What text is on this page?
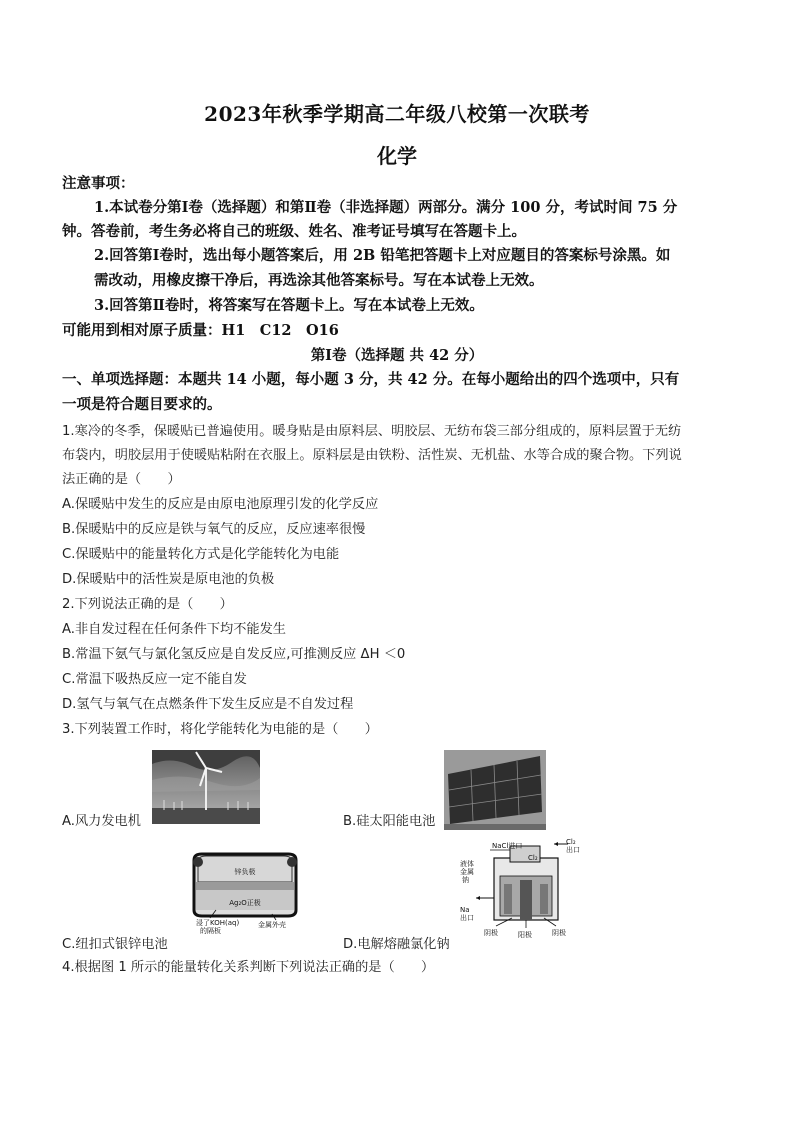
2023年秋季学期高二年级八校第一次联考
化学
注意事项：
1.本试卷分第Ⅰ卷（选择题）和第Ⅱ卷（非选择题）两部分。满分 100 分，考试时间 75 分
钟。答卷前，考生务必将自己的班级、姓名、准考证号填写在答题卡上。
2.回答第Ⅰ卷时，选出每小题答案后，用 2B 铅笔把答题卡上对应题目的答案标号涂黑。如
需改动，用橡皮擦干净后，再选涂其他答案标号。写在本试卷上无效。
3.回答第Ⅱ卷时，将答案写在答题卡上。写在本试卷上无效。
可能用到相对原子质量：H1　C12　O16
第Ⅰ卷（选择题 共 42 分）
一、单项选择题：本题共 14 小题，每小题 3 分，共 42 分。在每小题给出的四个选项中，只有
一项是符合题目要求的。
1.寒冷的冬季，保暖贴已普遍使用。暖身贴是由原料层、明胶层、无纺布袋三部分组成的，原料层置于无纺
布袋内，明胶层用于使暖贴粘附在衣服上。原料层是由铁粉、活性炭、无机盐、水等合成的聚合物。下列说
法正确的是（　　）
A.保暖贴中发生的反应是由原电池原理引发的化学反应
B.保暖贴中的反应是铁与氧气的反应，反应速率很慢
C.保暖贴中的能量转化方式是化学能转化为电能
D.保暖贴中的活性炭是原电池的负极
2.下列说法正确的是（　　）
A.非自发过程在任何条件下均不能发生
B.常温下氨气与氯化氢反应是自发反应,可推测反应 ΔH ＜0
C.常温下吸热反应一定不能自发
D.氢气与氧气在点燃条件下发生反应是不自发过程
3.下列装置工作时，将化学能转化为电能的是（　　）
A.风力发电机	B.硅太阳能电池
锌负极
Ag₂O正极
浸了KOH(aq)
的隔板
金属外壳
C.纽扣式银锌电池
NaCl进口
Cl₂
Cl₂
出口
液体
金属
钠
Na
出口
阴极	阳极	阴极
D.电解熔融氯化钠
4.根据图 1 所示的能量转化关系判断下列说法正确的是（　　）
